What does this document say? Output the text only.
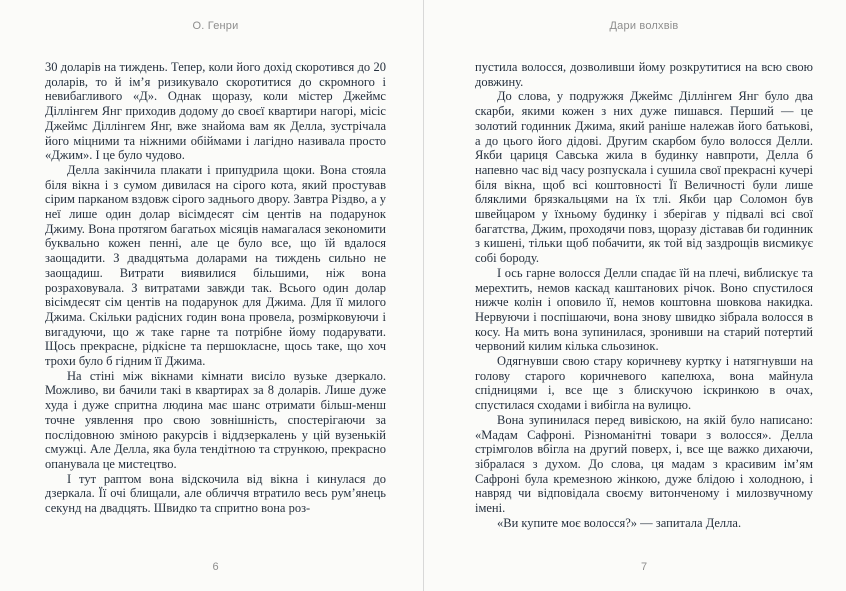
О. Генри

30 доларів на тиждень. Тепер, коли його дохід скоротився до 20 доларів, то й ім’я ризикувало скоротитися до скромного і невибагливого «Д». Однак щоразу, коли містер Джеймс Діллінгем Янг приходив додому до своєї квартири нагорі, місіс Джеймс Діллінгем Янг, вже знайома вам як Делла, зустрічала його міцними та ніжними обіймами і лагідно називала просто «Джим». І це було чудово.

Делла закінчила плакати і припудрила щоки. Вона стояла біля вікна і з сумом дивилася на сірого кота, який простував сірим парканом вздовж сірого заднього двору. Завтра Різдво, а у неї лише один долар вісімдесят сім центів на подарунок Джиму. Вона протягом багатьох місяців намагалася зекономити буквально кожен пенні, але це було все, що їй вдалося заощадити. З двадцятьма доларами на тиждень сильно не заощадиш. Витрати виявилися більшими, ніж вона розраховувала. З витратами завжди так. Всього один долар вісімдесят сім центів на подарунок для Джима. Для її милого Джима. Скільки радісних годин вона провела, розмірковуючи і вигадуючи, що ж таке гарне та потрібне йому подарувати. Щось прекрасне, рідкісне та першокласне, щось таке, що хоч трохи було б гідним її Джима.

На стіні між вікнами кімнати висіло вузьке дзеркало. Можливо, ви бачили такі в квартирах за 8 доларів. Лише дуже худа і дуже спритна людина має шанс отримати більш-менш точне уявлення про свою зовнішність, спостерігаючи за послідовною зміною ракурсів і віддзеркалень у цій вузенькій смужці. Але Делла, яка була тендітною та стрункою, прекрасно опанувала це мистецтво.

І тут раптом вона відскочила від вікна і кинулася до дзеркала. Її очі блищали, але обличчя втратило весь рум’янець секунд на двадцять. Швидко та спритно вона роз-

6
Дари волхвів

пустила волосся, дозволивши йому розкрутитися на всю свою довжину.

До слова, у подружжя Джеймс Діллінгем Янг було два скарби, якими кожен з них дуже пишався. Перший — це золотий годинник Джима, який раніше належав його батькові, а до цього його дідові. Другим скарбом було волосся Делли. Якби цариця Савська жила в будинку навпроти, Делла б напевно час від часу розпускала і сушила свої прекрасні кучері біля вікна, щоб всі коштовності Її Величності були лише бляклими брязкальцями на їх тлі. Якби цар Соломон був швейцаром у їхньому будинку і зберігав у підвалі всі свої багатства, Джим, проходячи повз, щоразу діставав би годинник з кишені, тільки щоб побачити, як той від заздрощів висмикує собі бороду.

І ось гарне волосся Делли спадає їй на плечі, виблискує та мерехтить, немов каскад каштанових річок. Воно спустилося нижче колін і оповило її, немов коштовна шовкова накидка. Нервуючи і поспішаючи, вона знову швидко зібрала волосся в косу. На мить вона зупинилася, зронивши на старий потертий червоний килим кілька сльозинок.

Одягнувши свою стару коричневу куртку і натягнувши на голову старого коричневого капелюха, вона майнула спідницями і, все ще з блискучою іскринкою в очах, спустилася сходами і вибігла на вулицю.

Вона зупинилася перед вивіскою, на якій було написано: «Мадам Сафроні. Різноманітні товари з волосся». Делла стрімголов вбігла на другий поверх, і, все ще важко дихаючи, зібралася з духом. До слова, ця мадам з красивим ім’ям Сафроні була кремезною жінкою, дуже блідою і холодною, і навряд чи відповідала своєму витонченому і милозвучному імені.

«Ви купите моє волосся?» — запитала Делла.

7
